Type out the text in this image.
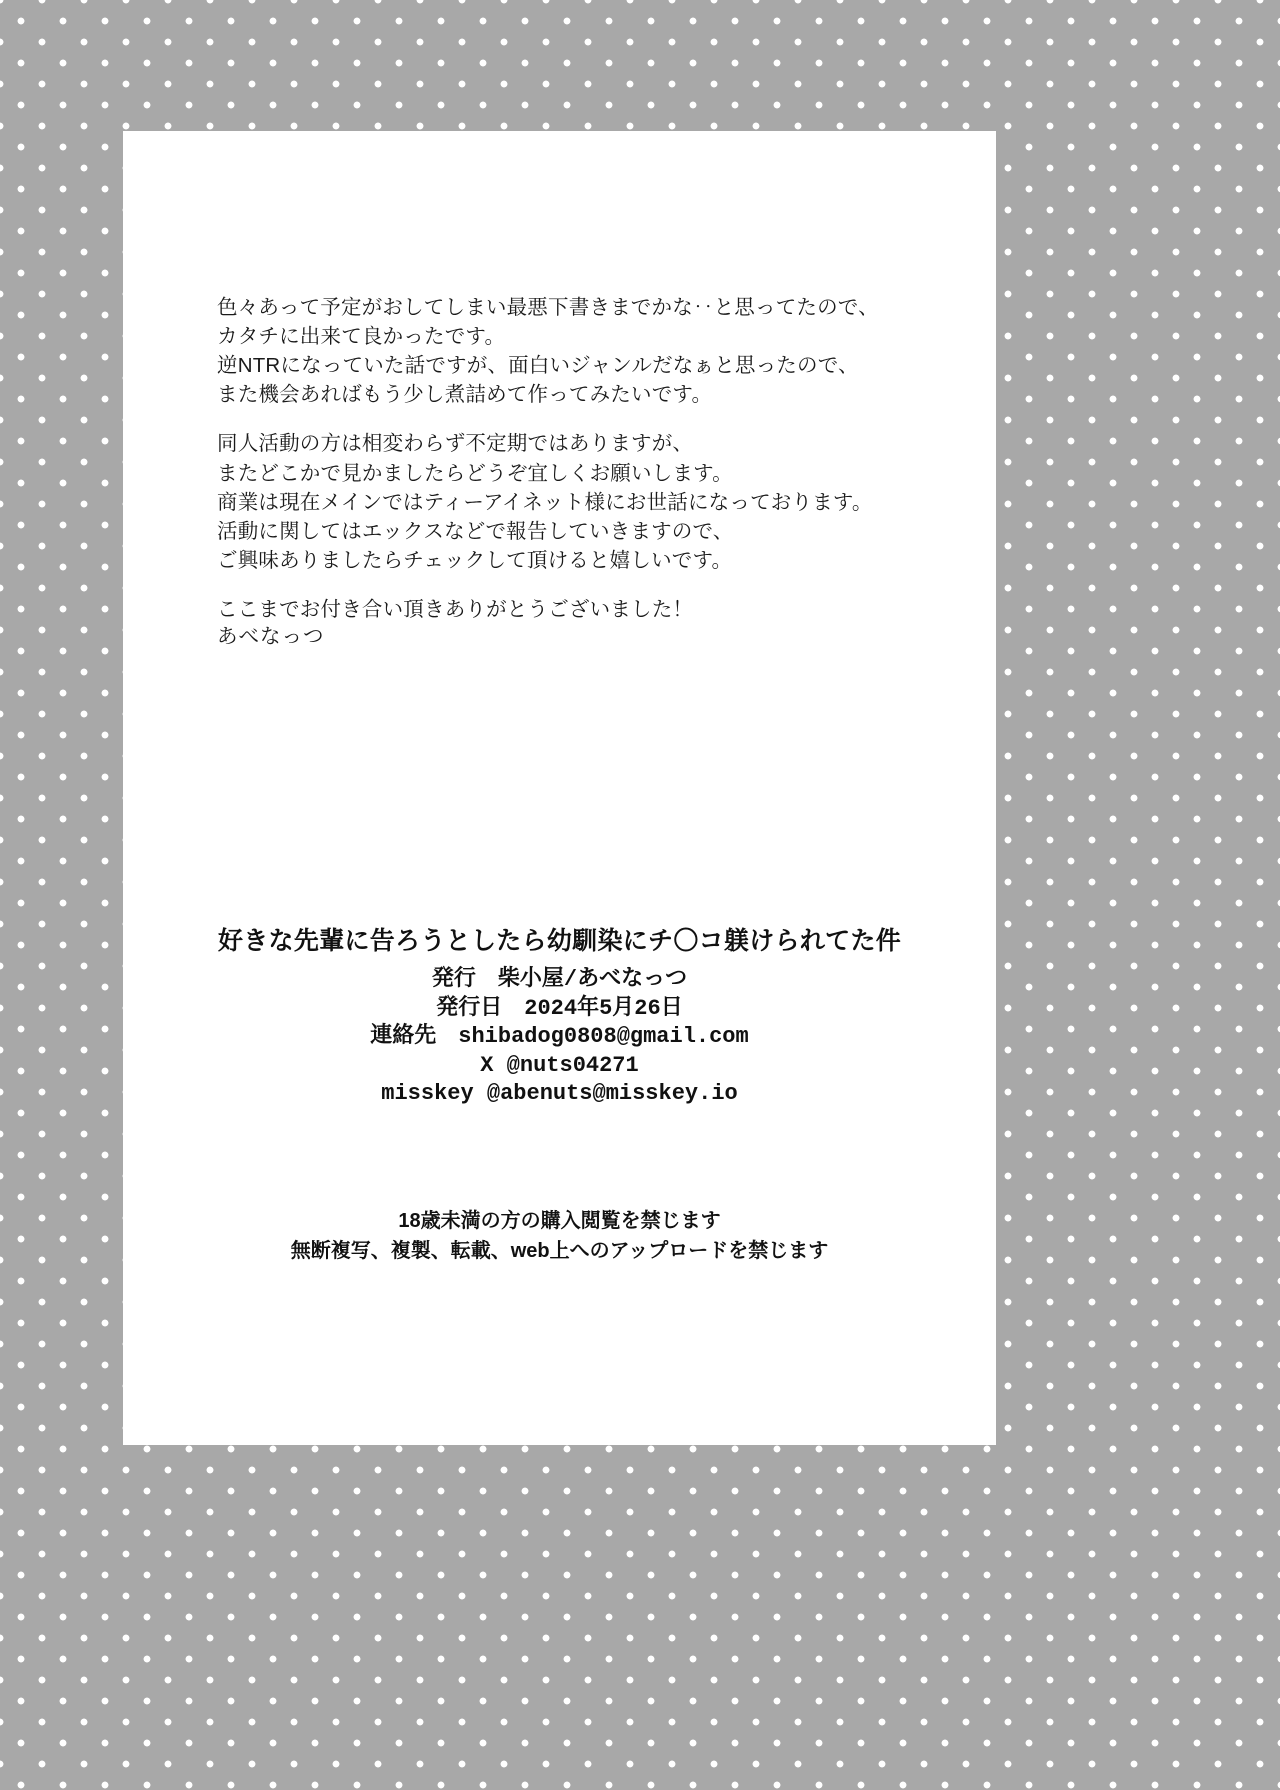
色々あって予定がおしてしまい最悪下書きまでかな‥と思ってたので、

カタチに出来て良かったです。

逆NTRになっていた話ですが、面白いジャンルだなぁと思ったので、

また機会あればもう少し煮詰めて作ってみたいです。

同人活動の方は相変わらず不定期ではありますが、

またどこかで見かましたらどうぞ宜しくお願いします。

商業は現在メインではティーアイネット様にお世話になっております。

活動に関してはエックスなどで報告していきますので、

ご興味ありましたらチェックして頂けると嬉しいです。

ここまでお付き合い頂きありがとうございました！

あべなっつ
好きな先輩に告ろうとしたら幼馴染にチ〇コ躾けられてた件
発行　柴小屋/あべなっつ
発行日　2024年5月26日
連絡先　shibadog0808@gmail.com
X @nuts04271
misskey @abenuts@misskey.io
18歳未満の方の購入閲覧を禁じます
無断複写、複製、転載、web上へのアップロードを禁じます
